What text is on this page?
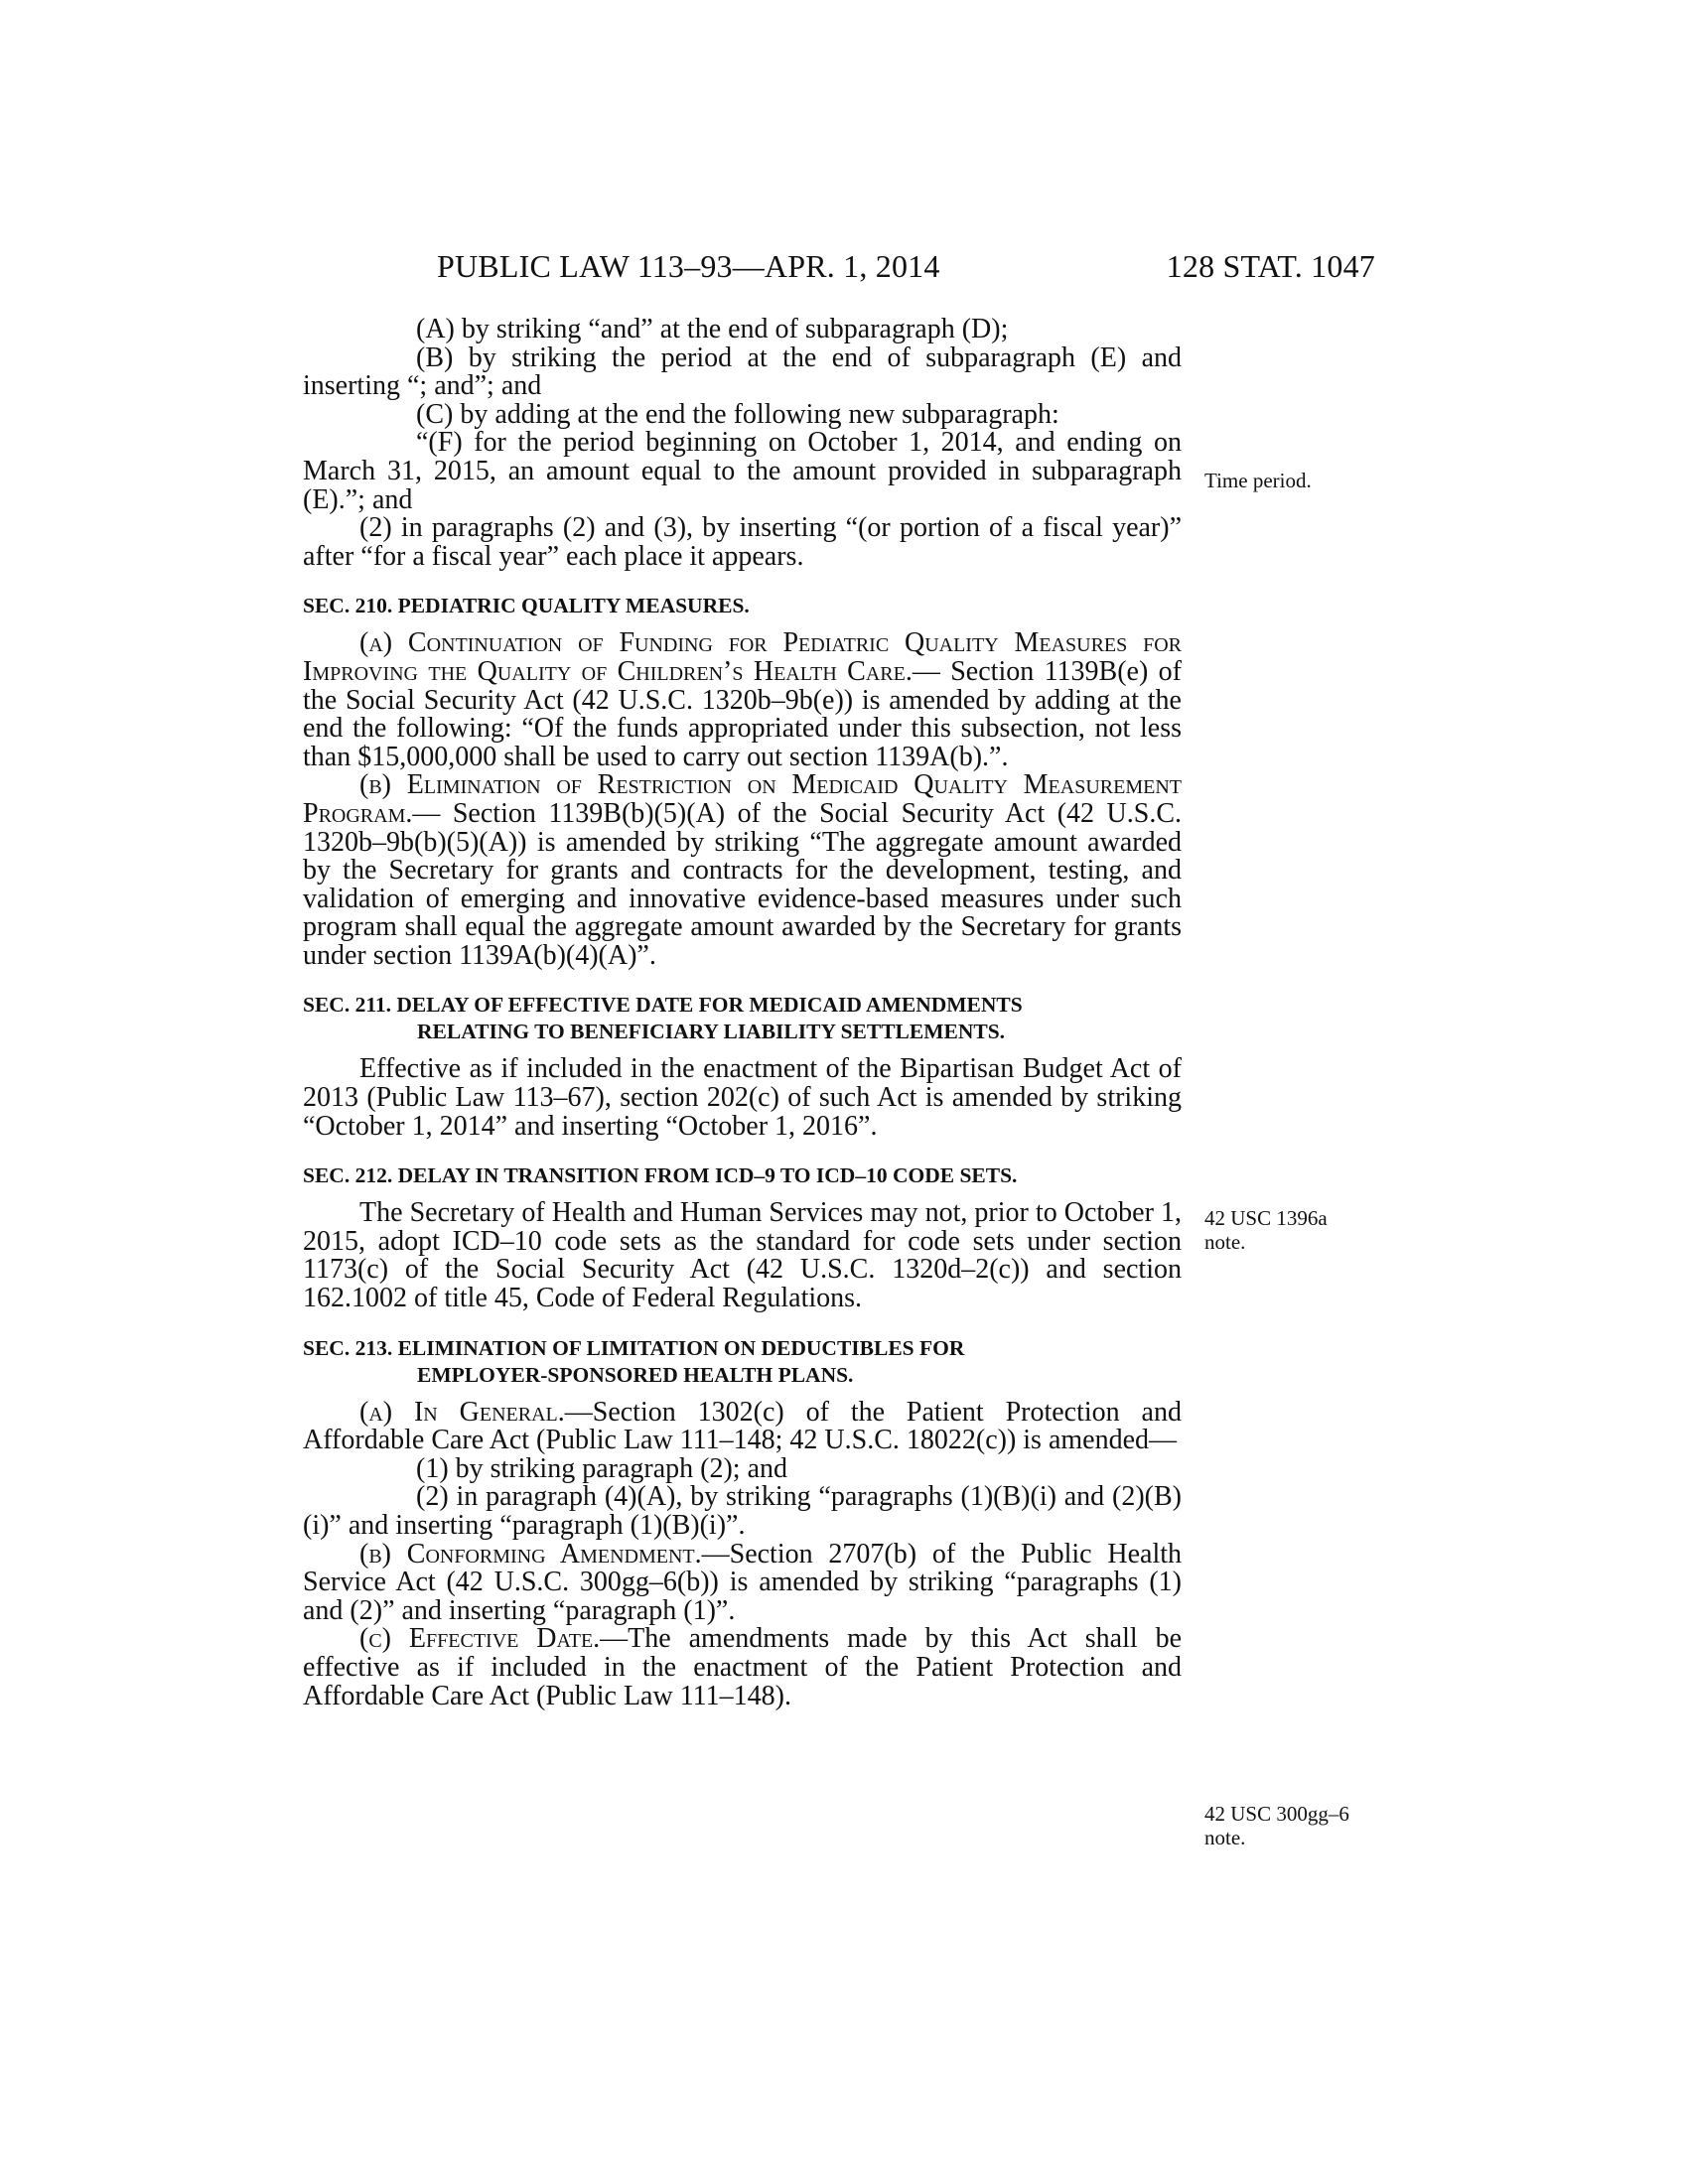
PUBLIC LAW 113–93—APR. 1, 2014	128 STAT. 1047

(A) by striking “and” at the end of subparagraph (D);

(B) by striking the period at the end of subparagraph (E) and inserting “; and”; and

(C) by adding at the end the following new subparagraph:

“(F) for the period beginning on October 1, 2014, and ending on March 31, 2015, an amount equal to the amount provided in subparagraph (E).”; and

(2) in paragraphs (2) and (3), by inserting “(or portion of a fiscal year)” after “for a fiscal year” each place it appears.

SEC. 210. PEDIATRIC QUALITY MEASURES.

(a) Continuation of Funding for Pediatric Quality Measures for Improving the Quality of Children’s Health Care.— Section 1139B(e) of the Social Security Act (42 U.S.C. 1320b–9b(e)) is amended by adding at the end the following: “Of the funds appropriated under this subsection, not less than $15,000,000 shall be used to carry out section 1139A(b).”.

(b) Elimination of Restriction on Medicaid Quality Measurement Program.— Section 1139B(b)(5)(A) of the Social Security Act (42 U.S.C. 1320b–9b(b)(5)(A)) is amended by striking “The aggregate amount awarded by the Secretary for grants and contracts for the development, testing, and validation of emerging and innovative evidence-based measures under such program shall equal the aggregate amount awarded by the Secretary for grants under section 1139A(b)(4)(A)”.

SEC. 211. DELAY OF EFFECTIVE DATE FOR MEDICAID AMENDMENTS
RELATING TO BENEFICIARY LIABILITY SETTLEMENTS.

Effective as if included in the enactment of the Bipartisan Budget Act of 2013 (Public Law 113–67), section 202(c) of such Act is amended by striking “October 1, 2014” and inserting “October 1, 2016”.

SEC. 212. DELAY IN TRANSITION FROM ICD–9 TO ICD–10 CODE SETS.

The Secretary of Health and Human Services may not, prior to October 1, 2015, adopt ICD–10 code sets as the standard for code sets under section 1173(c) of the Social Security Act (42 U.S.C. 1320d–2(c)) and section 162.1002 of title 45, Code of Federal Regulations.

SEC. 213. ELIMINATION OF LIMITATION ON DEDUCTIBLES FOR
EMPLOYER-SPONSORED HEALTH PLANS.

(a) In General.—Section 1302(c) of the Patient Protection and Affordable Care Act (Public Law 111–148; 42 U.S.C. 18022(c)) is amended—

(1) by striking paragraph (2); and

(2) in paragraph (4)(A), by striking “paragraphs (1)(B)(i) and (2)(B)(i)” and inserting “paragraph (1)(B)(i)”.

(b) Conforming Amendment.—Section 2707(b) of the Public Health Service Act (42 U.S.C. 300gg–6(b)) is amended by striking “paragraphs (1) and (2)” and inserting “paragraph (1)”.

(c) Effective Date.—The amendments made by this Act shall be effective as if included in the enactment of the Patient Protection and Affordable Care Act (Public Law 111–148).

Time period.
42 USC 1396a
note.
42 USC 300gg–6
note.
